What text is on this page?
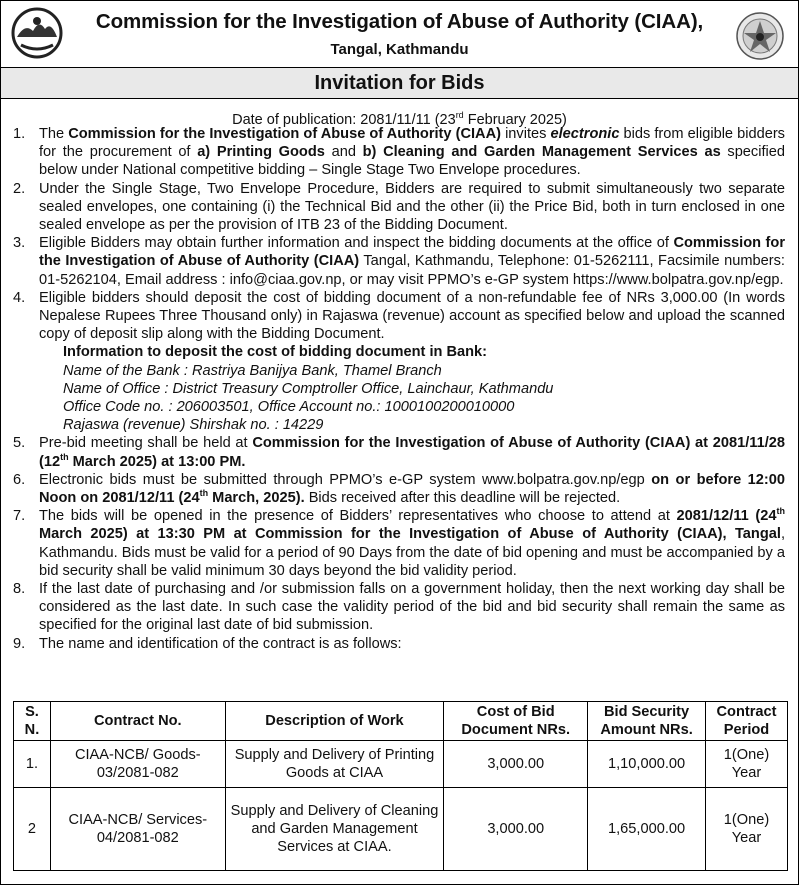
Commission for the Investigation of Abuse of Authority (CIAA),
Tangal, Kathmandu
Invitation for Bids
Date of publication: 2081/11/11 (23rd February 2025)
1. The Commission for the Investigation of Abuse of Authority (CIAA) invites electronic bids from eligible bidders for the procurement of a) Printing Goods and b) Cleaning and Garden Management Services as specified below under National competitive bidding – Single Stage Two Envelope procedures.
2. Under the Single Stage, Two Envelope Procedure, Bidders are required to submit simultaneously two separate sealed envelopes, one containing (i) the Technical Bid and the other (ii) the Price Bid, both in turn enclosed in one sealed envelope as per the provision of ITB 23 of the Bidding Document.
3. Eligible Bidders may obtain further information and inspect the bidding documents at the office of Commission for the Investigation of Abuse of Authority (CIAA) Tangal, Kathmandu, Telephone: 01-5262111, Facsimile numbers: 01-5262104, Email address : info@ciaa.gov.np, or may visit PPMO’s e-GP system https://www.bolpatra.gov.np/egp.
4. Eligible bidders should deposit the cost of bidding document of a non-refundable fee of NRs 3,000.00 (In words Nepalese Rupees Three Thousand only) in Rajaswa (revenue) account as specified below and upload the scanned copy of deposit slip along with the Bidding Document.
Information to deposit the cost of bidding document in Bank:
Name of the Bank : Rastriya Banijya Bank, Thamel Branch
Name of Office : District Treasury Comptroller Office, Lainchaur, Kathmandu
Office Code no. : 206003501, Office Account no.: 1000100200010000
Rajaswa (revenue) Shirshak no. : 14229
5. Pre-bid meeting shall be held at Commission for the Investigation of Abuse of Authority (CIAA) at 2081/11/28 (12th March 2025) at 13:00 PM.
6. Electronic bids must be submitted through PPMO’s e-GP system www.bolpatra.gov.np/egp on or before 12:00 Noon on 2081/12/11 (24th March, 2025). Bids received after this deadline will be rejected.
7. The bids will be opened in the presence of Bidders’ representatives who choose to attend at 2081/12/11 (24th March 2025) at 13:30 PM at Commission for the Investigation of Abuse of Authority (CIAA), Tangal, Kathmandu. Bids must be valid for a period of 90 Days from the date of bid opening and must be accompanied by a bid security shall be valid minimum 30 days beyond the bid validity period.
8. If the last date of purchasing and /or submission falls on a government holiday, then the next working day shall be considered as the last date. In such case the validity period of the bid and bid security shall remain the same as specified for the original last date of bid submission.
9. The name and identification of the contract is as follows:
S. N.	Contract No.	Description of Work	Cost of Bid Document NRs.	Bid Security Amount NRs.	Contract Period
1.	CIAA-NCB/ Goods-03/2081-082	Supply and Delivery of Printing Goods at CIAA	3,000.00	1,10,000.00	1(One) Year
2	CIAA-NCB/ Services-04/2081-082	Supply and Delivery of Cleaning and Garden Management Services at CIAA.	3,000.00	1,65,000.00	1(One) Year
